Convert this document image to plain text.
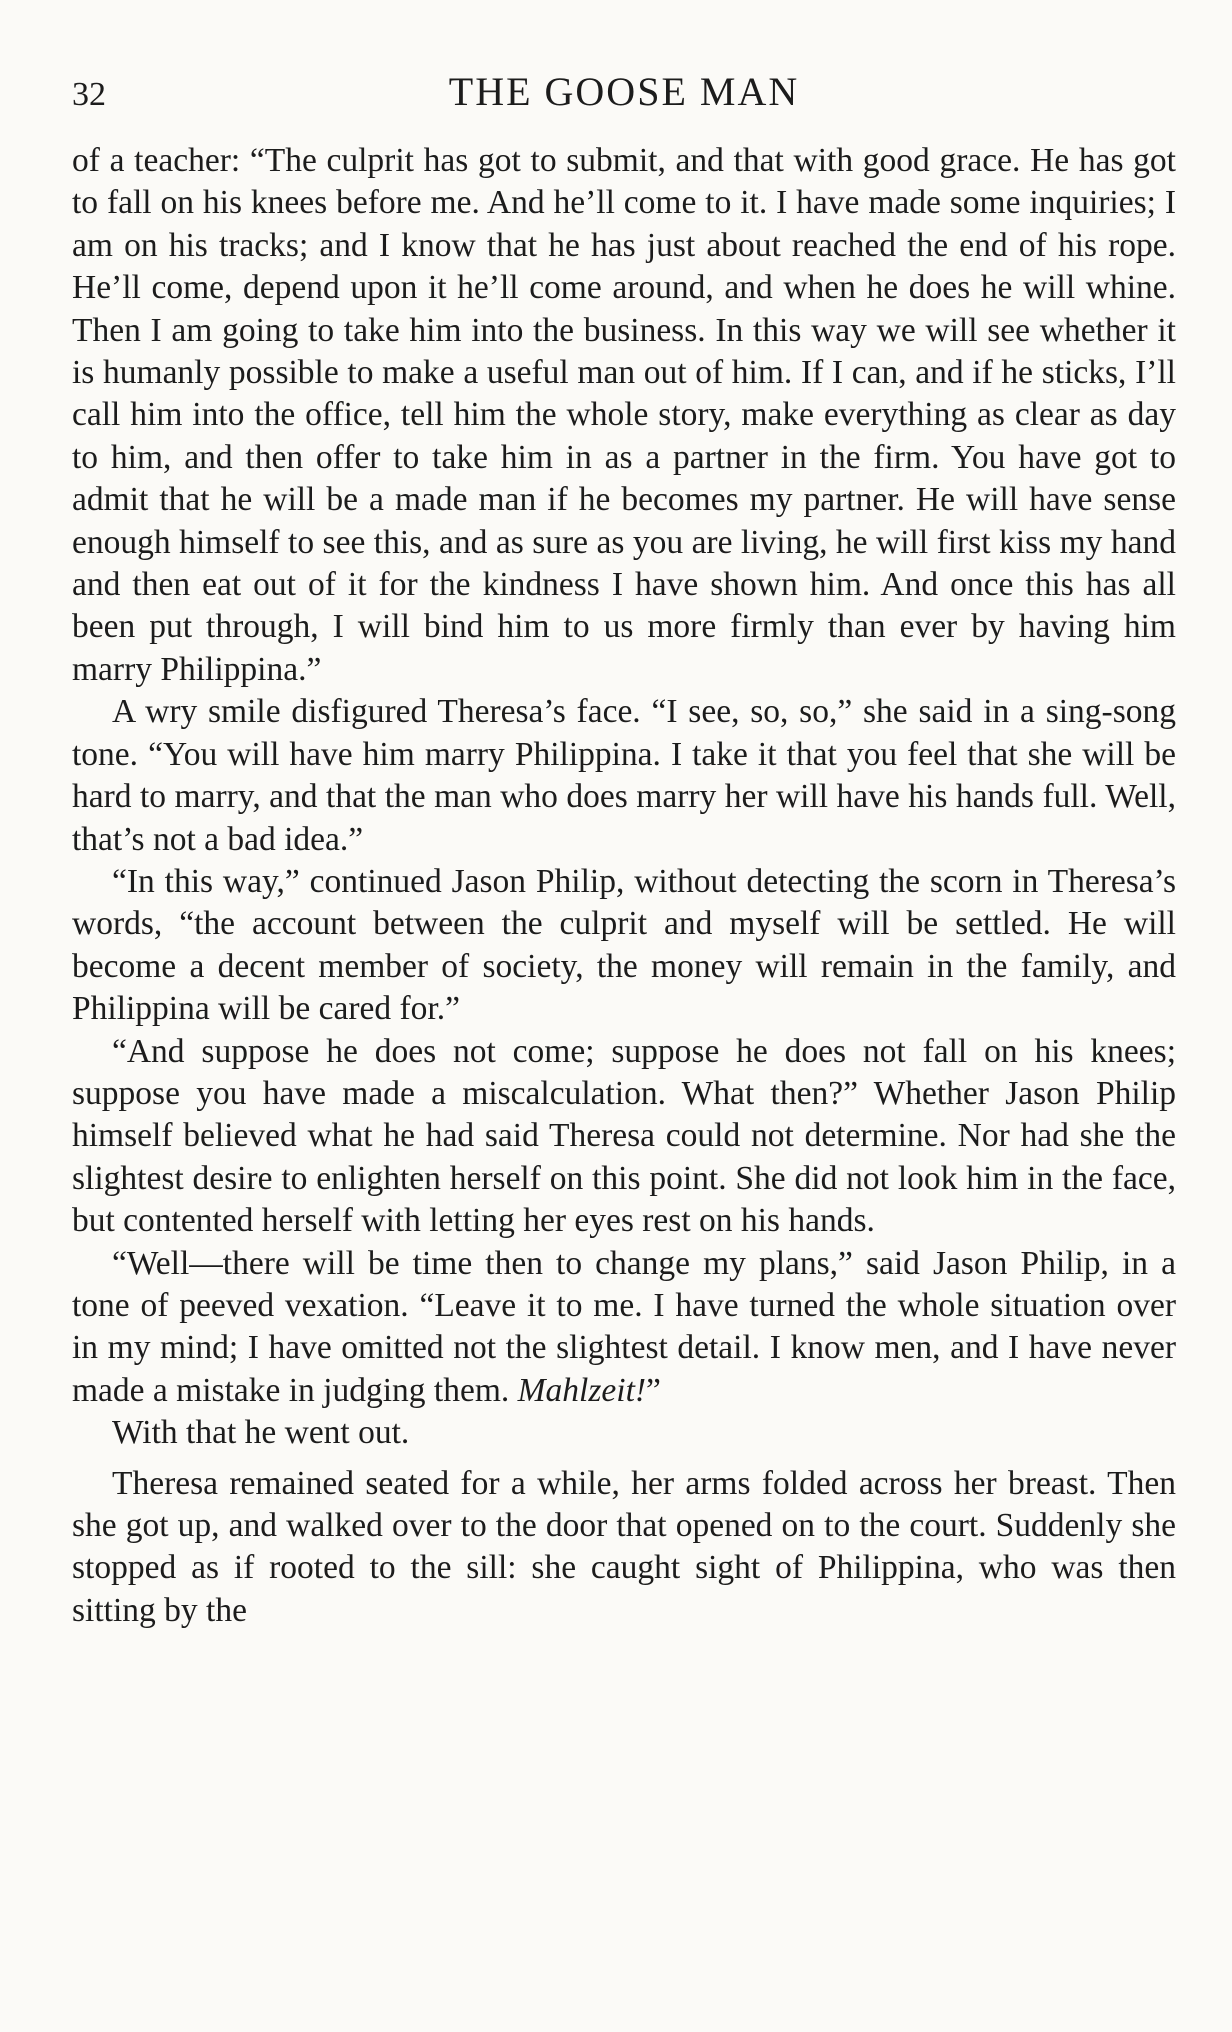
32	THE GOOSE MAN

of a teacher: “The culprit has got to submit, and that with good grace. He has got to fall on his knees before me. And he’ll come to it. I have made some inquiries; I am on his tracks; and I know that he has just about reached the end of his rope. He’ll come, depend upon it he’ll come around, and when he does he will whine. Then I am going to take him into the business. In this way we will see whether it is humanly possible to make a useful man out of him. If I can, and if he sticks, I’ll call him into the office, tell him the whole story, make everything as clear as day to him, and then offer to take him in as a partner in the firm. You have got to admit that he will be a made man if he becomes my partner. He will have sense enough himself to see this, and as sure as you are living, he will first kiss my hand and then eat out of it for the kindness I have shown him. And once this has all been put through, I will bind him to us more firmly than ever by having him marry Philippina.”

A wry smile disfigured Theresa’s face. “I see, so, so,” she said in a sing-song tone. “You will have him marry Philippina. I take it that you feel that she will be hard to marry, and that the man who does marry her will have his hands full. Well, that’s not a bad idea.”

“In this way,” continued Jason Philip, without detecting the scorn in Theresa’s words, “the account between the culprit and myself will be settled. He will become a decent member of society, the money will remain in the family, and Philippina will be cared for.”

“And suppose he does not come; suppose he does not fall on his knees; suppose you have made a miscalculation. What then?” Whether Jason Philip himself believed what he had said Theresa could not determine. Nor had she the slightest desire to enlighten herself on this point. She did not look him in the face, but contented herself with letting her eyes rest on his hands.

“Well—there will be time then to change my plans,” said Jason Philip, in a tone of peeved vexation. “Leave it to me. I have turned the whole situation over in my mind; I have omitted not the slightest detail. I know men, and I have never made a mistake in judging them. Mahlzeit!”

With that he went out.

Theresa remained seated for a while, her arms folded across her breast. Then she got up, and walked over to the door that opened on to the court. Suddenly she stopped as if rooted to the sill: she caught sight of Philippina, who was then sitting by the
